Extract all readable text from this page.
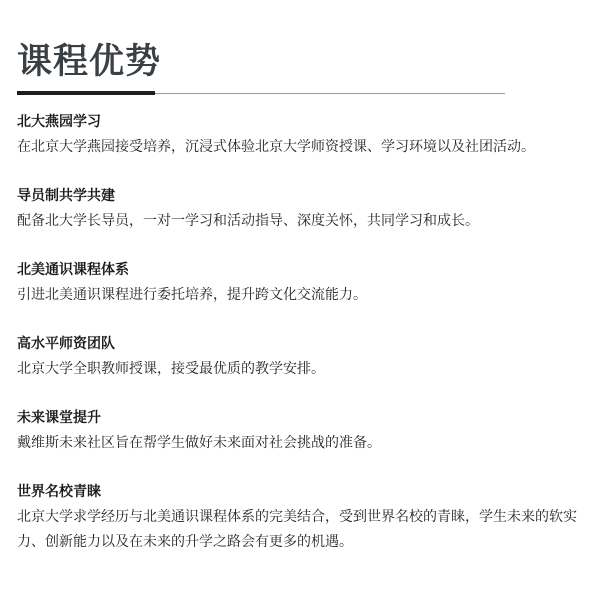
课程优势
北大燕园学习

在北京大学燕园接受培养，沉浸式体验北京大学师资授课、学习环境以及社团活动。

导员制共学共建

配备北大学长导员，一对一学习和活动指导、深度关怀，共同学习和成长。

北美通识课程体系

引进北美通识课程进行委托培养，提升跨文化交流能力。

高水平师资团队

北京大学全职教师授课，接受最优质的教学安排。

未来课堂提升

戴维斯未来社区旨在帮学生做好未来面对社会挑战的准备。

世界名校青睐

北京大学求学经历与北美通识课程体系的完美结合，受到世界名校的青睐，学生未来的软实力、创新能力以及在未来的升学之路会有更多的机遇。
